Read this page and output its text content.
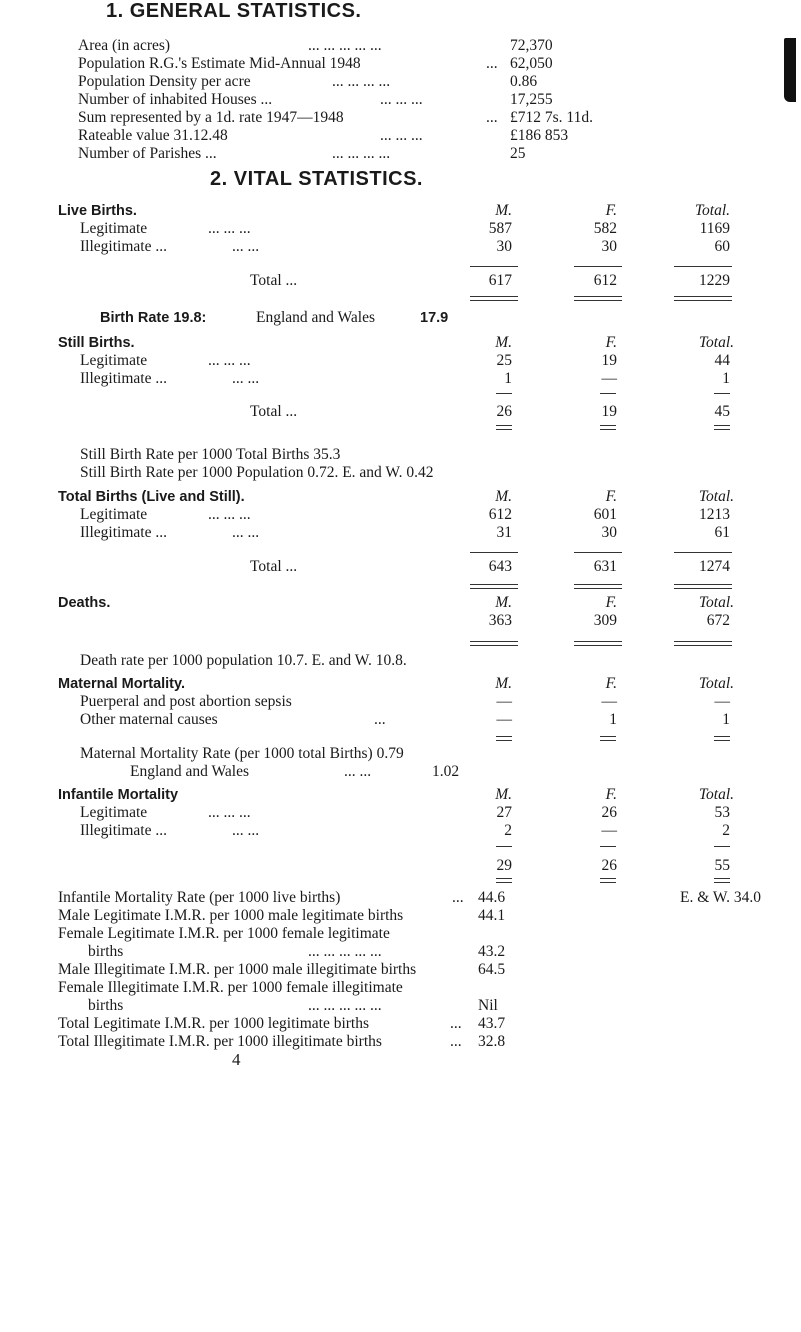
1. GENERAL STATISTICS.
Area (in acres)	... ... ... ... ...	72,370
Population R.G.'s Estimate Mid-Annual 1948	... 62,050
Population Density per acre	... ... ... ...	0.86
Number of inhabited Houses ...	... ... ...	17,255
Sum represented by a 1d. rate 1947—1948	... £712 7s. 11d.
Rateable value 31.12.48	... ... ...	£186 853
Number of Parishes ...	... ... ... ...	25
2. VITAL STATISTICS.
Live Births.	M.	F.	Total.
Legitimate	... ... ...	587	582	1169
Illegitimate ...	... ...	30	30	60
Total ...	617	612	1229
Birth Rate 19.8:	England and Wales	17.9
Still Births.	M.	F.	Total.
Legitimate	... ... ...	25	19	44
Illegitimate ...	... ...	1	—	1
Total ...	26	19	45
Still Birth Rate per 1000 Total Births 35.3
Still Birth Rate per 1000 Population 0.72. E. and W. 0.42
Total Births (Live and Still).	M.	F.	Total.
Legitimate	... ... ...	612	601	1213
Illegitimate ...	... ...	31	30	61
Total ...	643	631	1274
Deaths.	M.	F.	Total.
363	309	672
Death rate per 1000 population 10.7. E. and W. 10.8.
Maternal Mortality.	M.	F.	Total.
Puerperal and post abortion sepsis	—	—	—
Other maternal causes	...	—	1	1
Maternal Mortality Rate (per 1000 total Births) 0.79
England and Wales	... ...	1.02
Infantile Mortality	M.	F.	Total.
Legitimate	... ... ...	27	26	53
Illegitimate ...	... ...	2	—	2
29	26	55
Infantile Mortality Rate (per 1000 live births)	... 44.6	E. & W. 34.0
Male Legitimate I.M.R. per 1000 male legitimate births	44.1
Female Legitimate I.M.R. per 1000 female legitimate
births	... ... ... ... ...	43.2
Male Illegitimate I.M.R. per 1000 male illegitimate births	64.5
Female Illegitimate I.M.R. per 1000 female illegitimate
births	... ... ... ... ...	Nil
Total Legitimate I.M.R. per 1000 legitimate births	... 43.7
Total Illegitimate I.M.R. per 1000 illegitimate births	... 32.8
4
